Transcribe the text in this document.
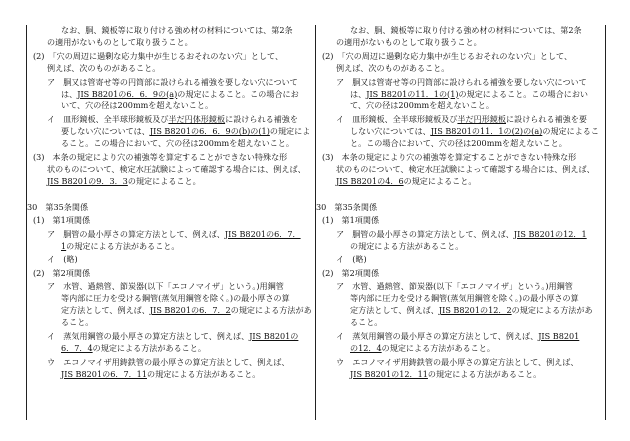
なお、胴、鏡板等に取り付ける強め材の材料については、第2条
の適用がないものとして取り扱うこと。
(2)　「穴の周辺に過剰な応力集中が生じるおそれのない穴」として、
例えば、次のものがあること。
ア　胴又は管寄せ等の円筒部に設けられる補強を要しない穴について
は、JIS B8201の6．6．9の(a)の規定によること。この場合にお
いて、穴の径は200mmを超えないこと。
イ　皿形鏡板、全半球形鏡板及び半だ円体形鏡板に設けられる補強を
要しない穴については、JIS B8201の6．6．9の(b)の(1)の規定によ
ること。この場合において、穴の径は200mmを超えないこと。
(3)　本条の規定により穴の補強等を算定することができない特殊な形
状のものについて、検定水圧試験によって確認する場合には、例えば、
JIS B8201の9．3．3の規定によること。
30　第35条関係
(1)　第1項関係
ア　胴管の最小厚さの算定方法として、例えば、JIS B8201の6．7．
1の規定による方法があること。
イ　(略)
(2)　第2項関係
ア　水管、過熱管、節炭器(以下「エコノマイザ」という。)用鋼管
等内部に圧力を受ける鋼管(蒸気用鋼管を除く。)の最小厚さの算
定方法として、例えば、JIS B8201の6．7．2の規定による方法があ
ること。
イ　蒸気用鋼管の最小厚さの算定方法として、例えば、JIS B8201の
6．7．4の規定による方法があること。
ウ　エコノマイザ用鋳鉄管の最小厚さの算定方法として、例えば、
JIS B8201の6．7．11の規定による方法があること。
なお、胴、鏡板等に取り付ける強め材の材料については、第2条
の適用がないものとして取り扱うこと。
(2)　「穴の周辺に過剰な応力集中が生じるおそれのない穴」として、
例えば、次のものがあること。
ア　胴又は管寄せ等の円筒部に設けられる補強を要しない穴について
は、JIS B8201の11．1の(1)の規定によること。この場合におい
て、穴の径は200mmを超えないこと。
イ　皿形鏡板、全半球形鏡板及び半だ円形鏡板に設けられる補強を要
しない穴については、JIS B8201の11．1の(2)の(a)の規定によるこ
と。この場合において、穴の径は200mmを超えないこと。
(3)　本条の規定により穴の補強等を算定することができない特殊な形
状のものについて、検定水圧試験によって確認する場合には、例えば、
JIS B8201の4．6の規定によること。
30　第35条関係
(1)　第1項関係
ア　胴管の最小厚さの算定方法として、例えば、JIS B8201の12．1
の規定による方法があること。
イ　(略)
(2)　第2項関係
ア　水管、過熱管、節炭器(以下「エコノマイザ」という。)用鋼管
等内部に圧力を受ける鋼管(蒸気用鋼管を除く。)の最小厚さの算
定方法として、例えば、JIS B8201の12．2の規定による方法があ
ること。
イ　蒸気用鋼管の最小厚さの算定方法として、例えば、JIS B8201
の12．4の規定による方法があること。
ウ　エコノマイザ用鋳鉄管の最小厚さの算定方法として、例えば、
JIS B8201の12．11の規定による方法があること。
